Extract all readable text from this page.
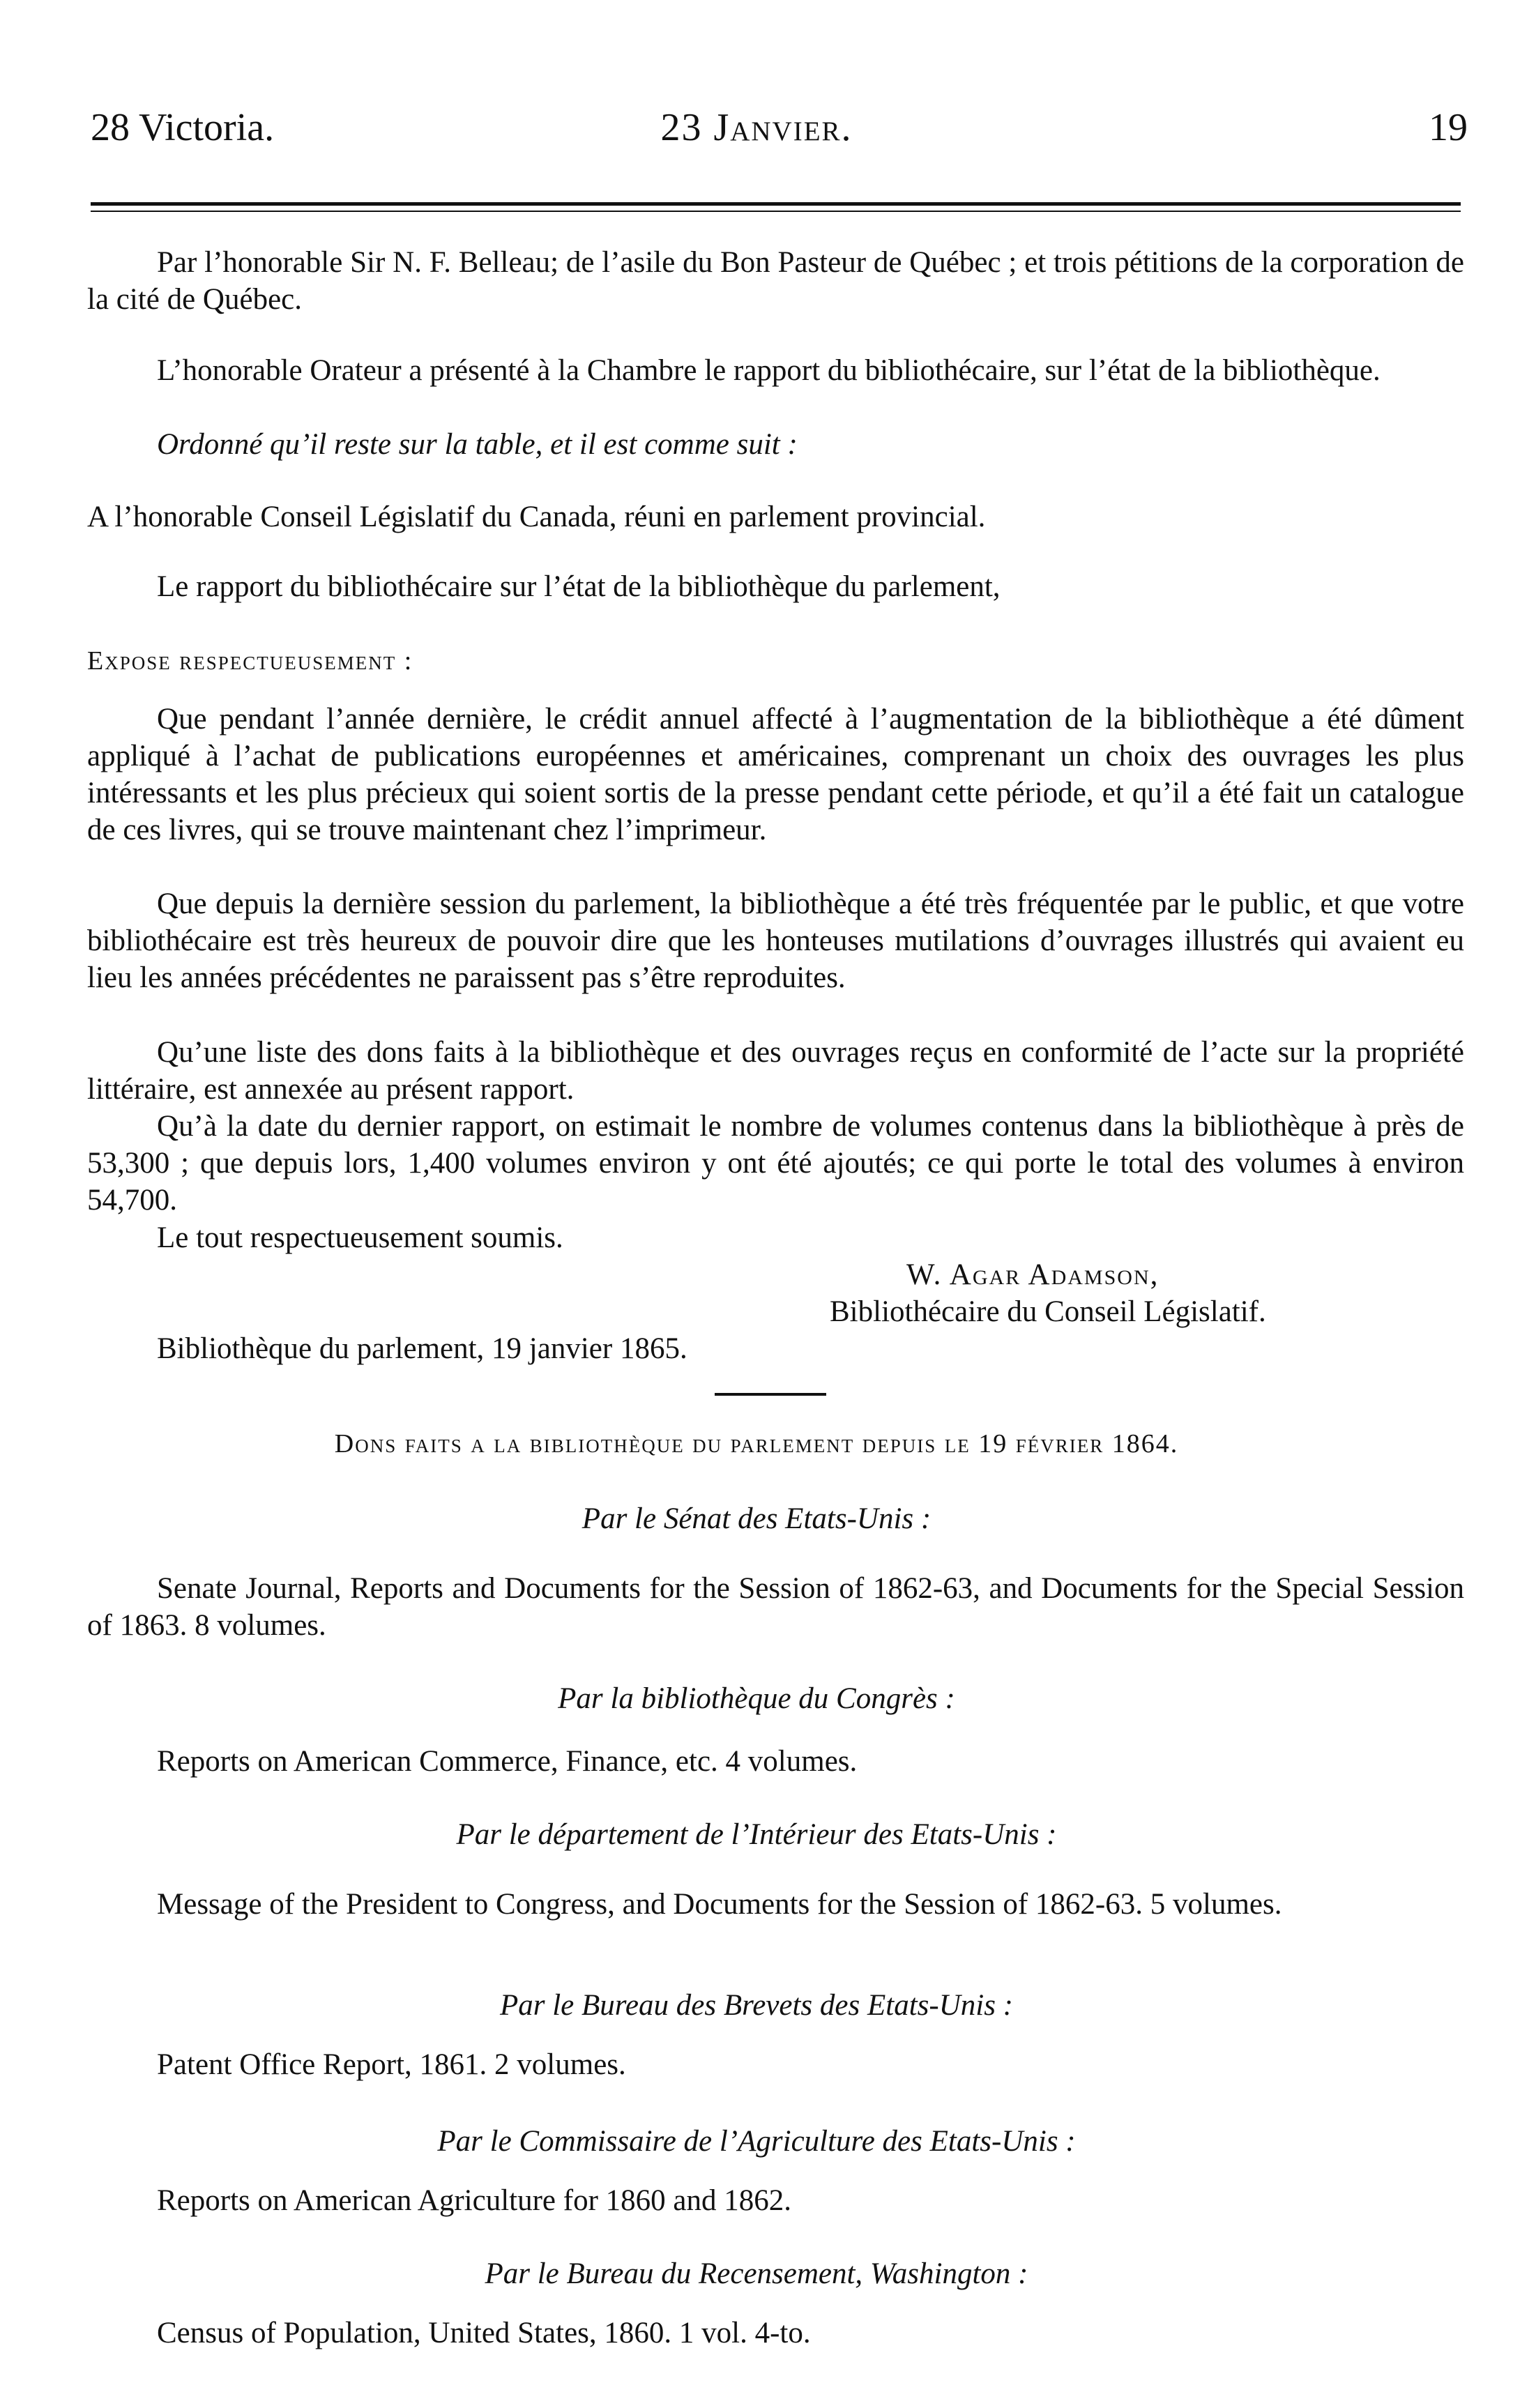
28 Victoria.	23 Janvier.	19
Par l’honorable Sir N. F. Belleau; de l’asile du Bon Pasteur de Québec ; et trois pétitions de la corporation de la cité de Québec.
L’honorable Orateur a présenté à la Chambre le rapport du bibliothécaire, sur l’état de la bibliothèque.
Ordonné qu’il reste sur la table, et il est comme suit :
A l’honorable Conseil Législatif du Canada, réuni en parlement provincial.
Le rapport du bibliothécaire sur l’état de la bibliothèque du parlement,
Expose respectueusement :
Que pendant l’année dernière, le crédit annuel affecté à l’augmentation de la bibliothèque a été dûment appliqué à l’achat de publications européennes et américaines, comprenant un choix des ouvrages les plus intéressants et les plus précieux qui soient sortis de la presse pendant cette période, et qu’il a été fait un catalogue de ces livres, qui se trouve maintenant chez l’imprimeur.
Que depuis la dernière session du parlement, la bibliothèque a été très fréquentée par le public, et que votre bibliothécaire est très heureux de pouvoir dire que les honteuses mutilations d’ouvrages illustrés qui avaient eu lieu les années précédentes ne paraissent pas s’être reproduites.
Qu’une liste des dons faits à la bibliothèque et des ouvrages reçus en conformité de l’acte sur la propriété littéraire, est annexée au présent rapport.
Qu’à la date du dernier rapport, on estimait le nombre de volumes contenus dans la bibliothèque à près de 53,300 ; que depuis lors, 1,400 volumes environ y ont été ajoutés; ce qui porte le total des volumes à environ 54,700.
Le tout respectueusement soumis.
W. Agar Adamson,
Bibliothécaire du Conseil Législatif.
Bibliothèque du parlement, 19 janvier 1865.
Dons faits a la bibliothèque du parlement depuis le 19 février 1864.
Par le Sénat des Etats-Unis :
Senate Journal, Reports and Documents for the Session of 1862-63, and Documents for the Special Session of 1863. 8 volumes.
Par la bibliothèque du Congrès :
Reports on American Commerce, Finance, etc. 4 volumes.
Par le département de l’Intérieur des Etats-Unis :
Message of the President to Congress, and Documents for the Session of 1862-63. 5 volumes.
Par le Bureau des Brevets des Etats-Unis :
Patent Office Report, 1861. 2 volumes.
Par le Commissaire de l’Agriculture des Etats-Unis :
Reports on American Agriculture for 1860 and 1862.
Par le Bureau du Recensement, Washington :
Census of Population, United States, 1860. 1 vol. 4-to.
